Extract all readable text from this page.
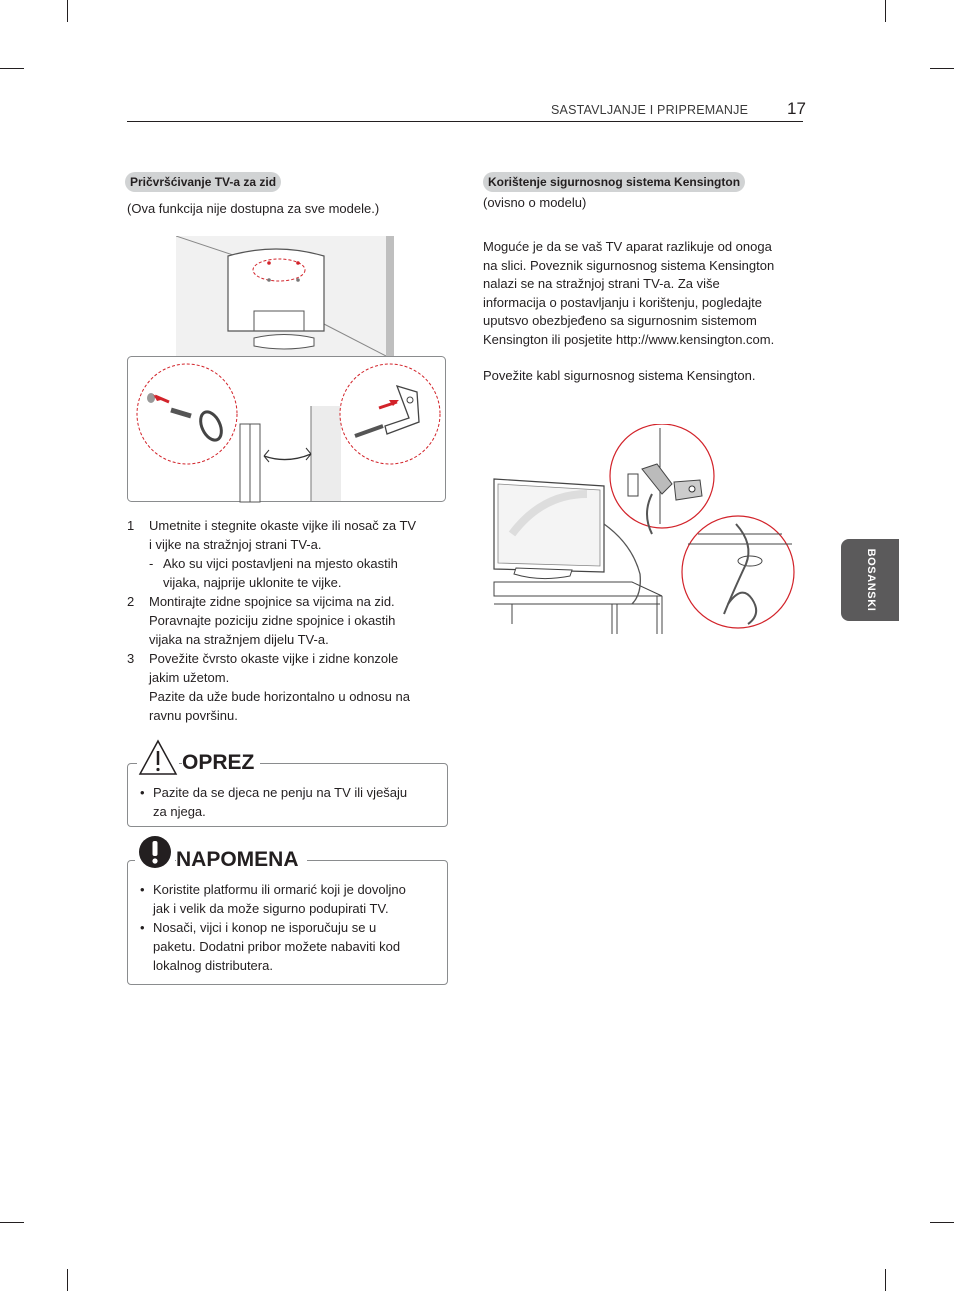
SASTAVLJANJE I PRIPREMANJE 17
BOSANSKI
Pričvršćivanje TV-a za zid
(Ova funkcija nije dostupna za sve modele.)
1	Umetnite i stegnite okaste vijke ili nosač za TV
i vijke na stražnjoj strani TV-a.
- Ako su vijci postavljeni na mjesto okastih
vijaka, najprije uklonite te vijke.
2	Montirajte zidne spojnice sa vijcima na zid.
Poravnajte poziciju zidne spojnice i okastih
vijaka na stražnjem dijelu TV-a.
3	Povežite čvrsto okaste vijke i zidne konzole
jakim užetom.
Pazite da uže bude horizontalno u odnosu na
ravnu površinu.
OPREZ
• Pazite da se djeca ne penju na TV ili vješaju
za njega.
NAPOMENA
• Koristite platformu ili ormarić koji je dovoljno
jak i velik da može sigurno podupirati TV.
• Nosači, vijci i konop ne isporučuju se u
paketu. Dodatni pribor možete nabaviti kod
lokalnog distributera.
Korištenje sigurnosnog sistema Kensington
(ovisno o modelu)
Moguće je da se vaš TV aparat razlikuje od onoga
na slici. Poveznik sigurnosnog sistema Kensington
nalazi se na stražnjoj strani TV-a. Za više
informacija o postavljanju i korištenju, pogledajte
uputsvo obezbjeđeno sa sigurnosnim sistemom
Kensington ili posjetite http://www.kensington.com.
Povežite kabl sigurnosnog sistema Kensington.
